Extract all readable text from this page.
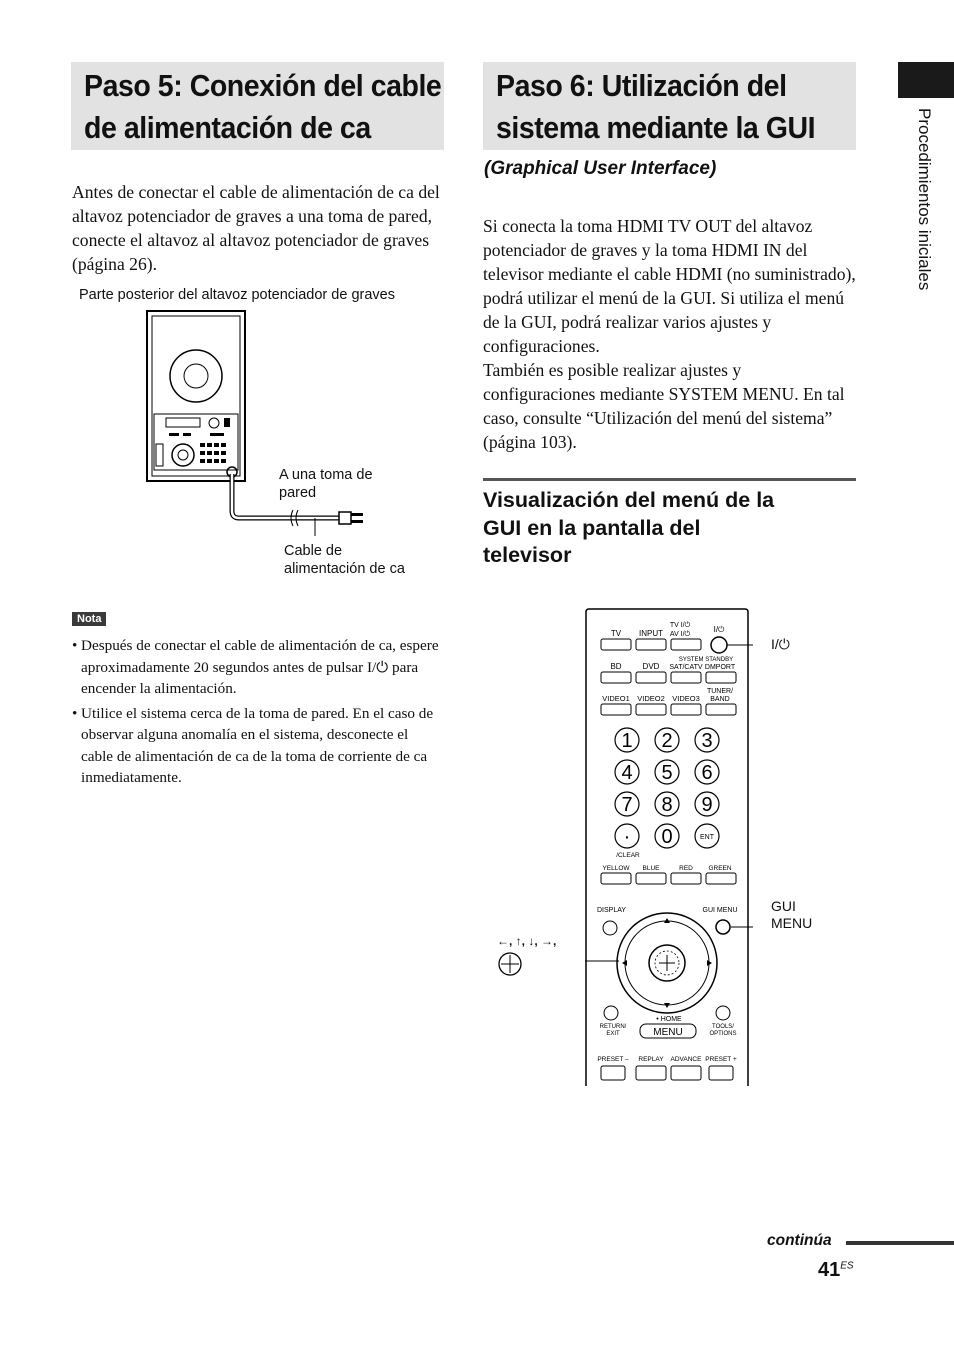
Procedimientos iniciales
Paso 5: Conexión del cable
de alimentación de ca
Antes de conectar el cable de alimentación de ca del altavoz potenciador de graves a una toma de pared, conecte el altavoz al altavoz potenciador de graves (página 26).
Parte posterior del altavoz potenciador de graves
A una toma de
pared
Cable de
alimentación de ca
Nota
• Después de conectar el cable de alimentación de ca, espere aproximadamente 20 segundos antes de pulsar I/⏻ para encender la alimentación.
• Utilice el sistema cerca de la toma de pared. En el caso de observar alguna anomalía en el sistema, desconecte el cable de alimentación de ca de la toma de corriente de ca inmediatamente.
Paso 6: Utilización del
sistema mediante la GUI
(Graphical User Interface)
Si conecta la toma HDMI TV OUT del altavoz potenciador de graves y la toma HDMI IN del televisor mediante el cable HDMI (no suministrado), podrá utilizar el menú de la GUI. Si utiliza el menú de la GUI, podrá realizar varios ajustes y configuraciones.
También es posible realizar ajustes y configuraciones mediante SYSTEM MENU. En tal caso, consulte “Utilización del menú del sistema” (página 103).
Visualización del menú de la
GUI en la pantalla del
televisor
TV INPUT
TV I/⏻
AV I/⏻
I/⏻
SYSTEM STANDBY
BD	DVD SAT/CATV DMPORT
TUNER/
VIDEO1 VIDEO2 VIDEO3 BAND
1 2 3
4 5 6
7 8 9
· 0	ENT
/CLEAR
YELLOW BLUE	RED GREEN
DISPLAY	GUI MENU
• HOME
MENU
RETURN/
EXIT
TOOLS/
OPTIONS
PRESET – REPLAY ADVANCE PRESET +
I/⏻
GUI
MENU
←, ↑, ↓, →,
continúa
$41^{ES}$
